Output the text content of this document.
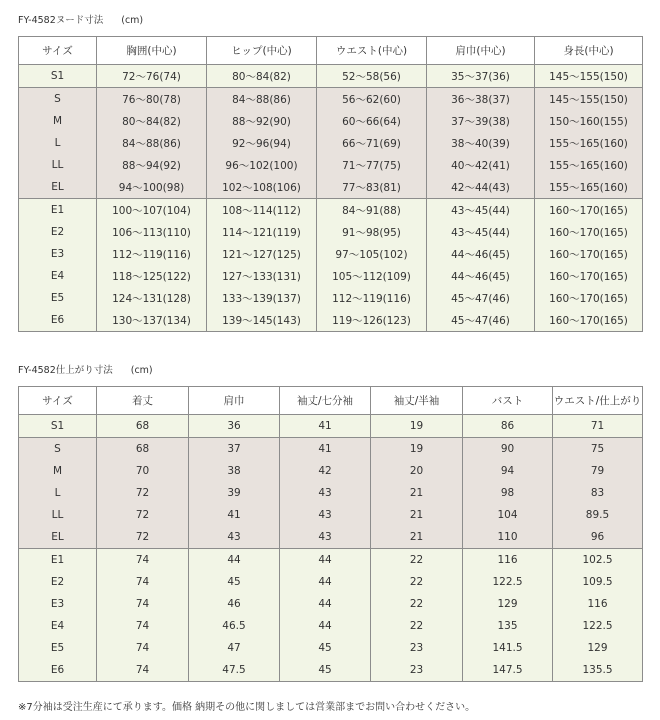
FY-4582ヌード寸法 (cm)
サイズ	胸囲(中心)	ヒップ(中心)	ウエスト(中心)	肩巾(中心)	身長(中心)
S1	72～76(74)	80～84(82)	52～58(56)	35～37(36)	145～155(150)
S	76～80(78)	84～88(86)	56～62(60)	36～38(37)	145～155(150)
M	80～84(82)	88～92(90)	60～66(64)	37～39(38)	150～160(155)
L	84～88(86)	92～96(94)	66～71(69)	38～40(39)	155～165(160)
LL	88～94(92)	96～102(100)	71～77(75)	40～42(41)	155～165(160)
EL	94～100(98)	102～108(106)	77～83(81)	42～44(43)	155～165(160)
E1	100～107(104)	108～114(112)	84～91(88)	43～45(44)	160～170(165)
E2	106～113(110)	114～121(119)	91～98(95)	43～45(44)	160～170(165)
E3	112～119(116)	121～127(125)	97～105(102)	44～46(45)	160～170(165)
E4	118～125(122)	127～133(131)	105～112(109)	44～46(45)	160～170(165)
E5	124～131(128)	133～139(137)	112～119(116)	45～47(46)	160～170(165)
E6	130～137(134)	139～145(143)	119～126(123)	45～47(46)	160～170(165)
FY-4582仕上がり寸法 (cm)
サイズ	着丈	肩巾	袖丈/七分袖	袖丈/半袖	バスト	ウエスト/仕上がり
S1	68	36	41	19	86	71
S	68	37	41	19	90	75
M	70	38	42	20	94	79
L	72	39	43	21	98	83
LL	72	41	43	21	104	89.5
EL	72	43	43	21	110	96
E1	74	44	44	22	116	102.5
E2	74	45	44	22	122.5	109.5
E3	74	46	44	22	129	116
E4	74	46.5	44	22	135	122.5
E5	74	47	45	23	141.5	129
E6	74	47.5	45	23	147.5	135.5
※7分袖は受注生産にて承ります。価格 納期その他に関しましては営業部までお問い合わせください。
